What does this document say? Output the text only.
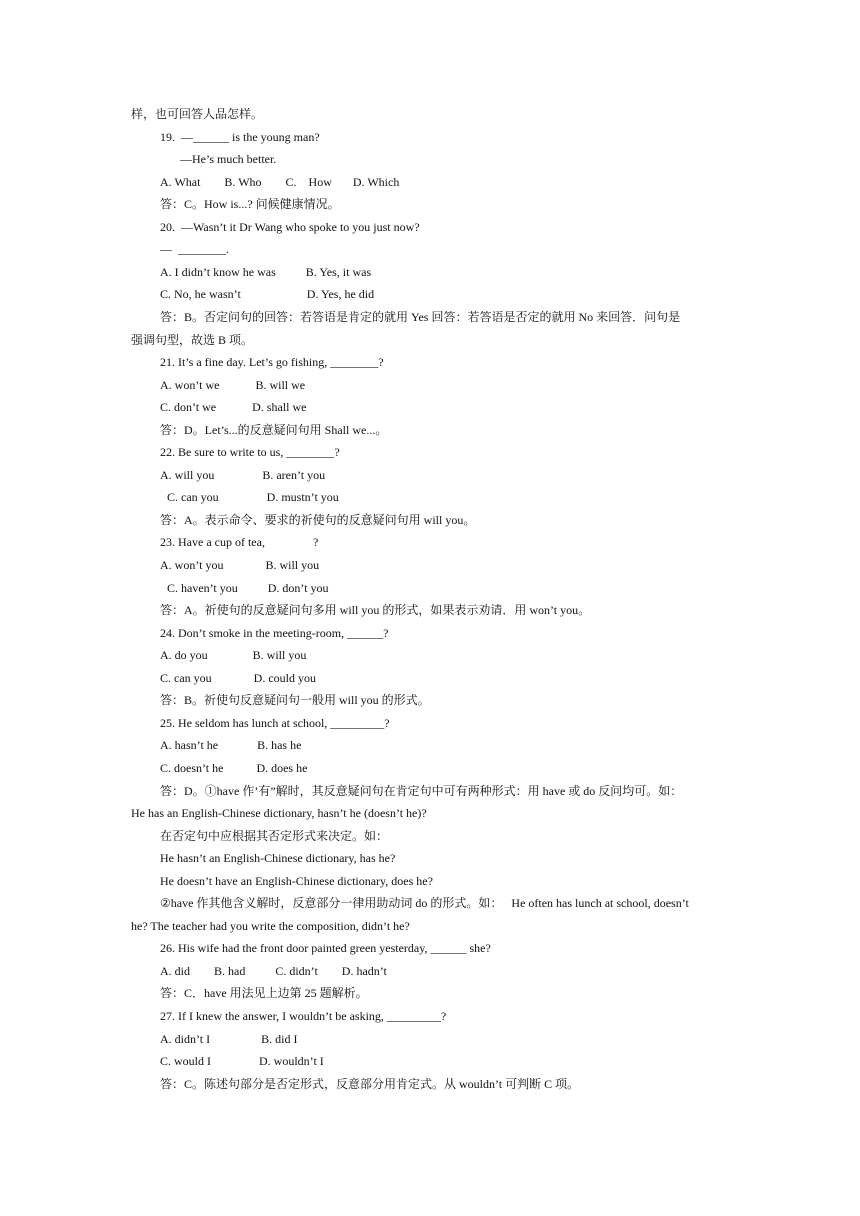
样，也可回答人品怎样。
19.  —______ is the young man?
—He’s much better.
A. What        B. Who        C.    How       D. Which
答：C。How is...? 问候健康情况。
20.  —Wasn’t it Dr Wang who spoke to you just now?
—  ________.
A. I didn’t know he was          B. Yes, it was
C. No, he wasn’t                      D. Yes, he did
答：B。否定问句的回答：若答语是肯定的就用 Yes 回答：若答语是否定的就用 No 来回答．问句是
强调句型，故选 B 项。
21. It’s a fine day. Let’s go fishing, ________?
A. won’t we            B. will we
C. don’t we            D. shall we
答：D。Let’s...的反意疑问句用 Shall we...。
22. Be sure to write to us, ________?
A. will you                B. aren’t you
C. can you                D. mustn’t you
答：A。表示命令、要求的祈使句的反意疑问句用 will you。
23. Have a cup of tea,                ?
A. won’t you              B. will you
C. haven’t you          D. don’t you
答：A。祈使句的反意疑问句多用 will you 的形式，如果表示劝请．用 won’t you。
24. Don’t smoke in the meeting-room, ______?
A. do you               B. will you
C. can you              D. could you
答：B。祈使句反意疑问句一般用 will you 的形式。
25. He seldom has lunch at school, _________?
A. hasn’t he             B. has he
C. doesn’t he           D. does he
答：D。①have 作’有”解时，其反意疑问句在肯定句中可有两种形式：用 have 或 do 反问均可。如：
He has an English-Chinese dictionary, hasn’t he (doesn’t he)?
在否定句中应根据其否定形式来决定。如：
He hasn’t an English-Chinese dictionary, has he?
He doesn’t have an English-Chinese dictionary, does he?
②have 作其他含义解时，反意部分一律用助动词 do 的形式。如：   He often has lunch at school, doesn’t
he? The teacher had you write the composition, didn’t he?
26. His wife had the front door painted green yesterday, ______ she?
A. did        B. had          C. didn’t        D. hadn’t
答：C．have 用法见上边第 25 题解析。
27. If I knew the answer, I wouldn’t be asking, _________?
A. didn’t I                 B. did I
C. would I                D. wouldn’t I
答：C。陈述句部分是否定形式，反意部分用肯定式。从 wouldn’t 可判断 C 项。
